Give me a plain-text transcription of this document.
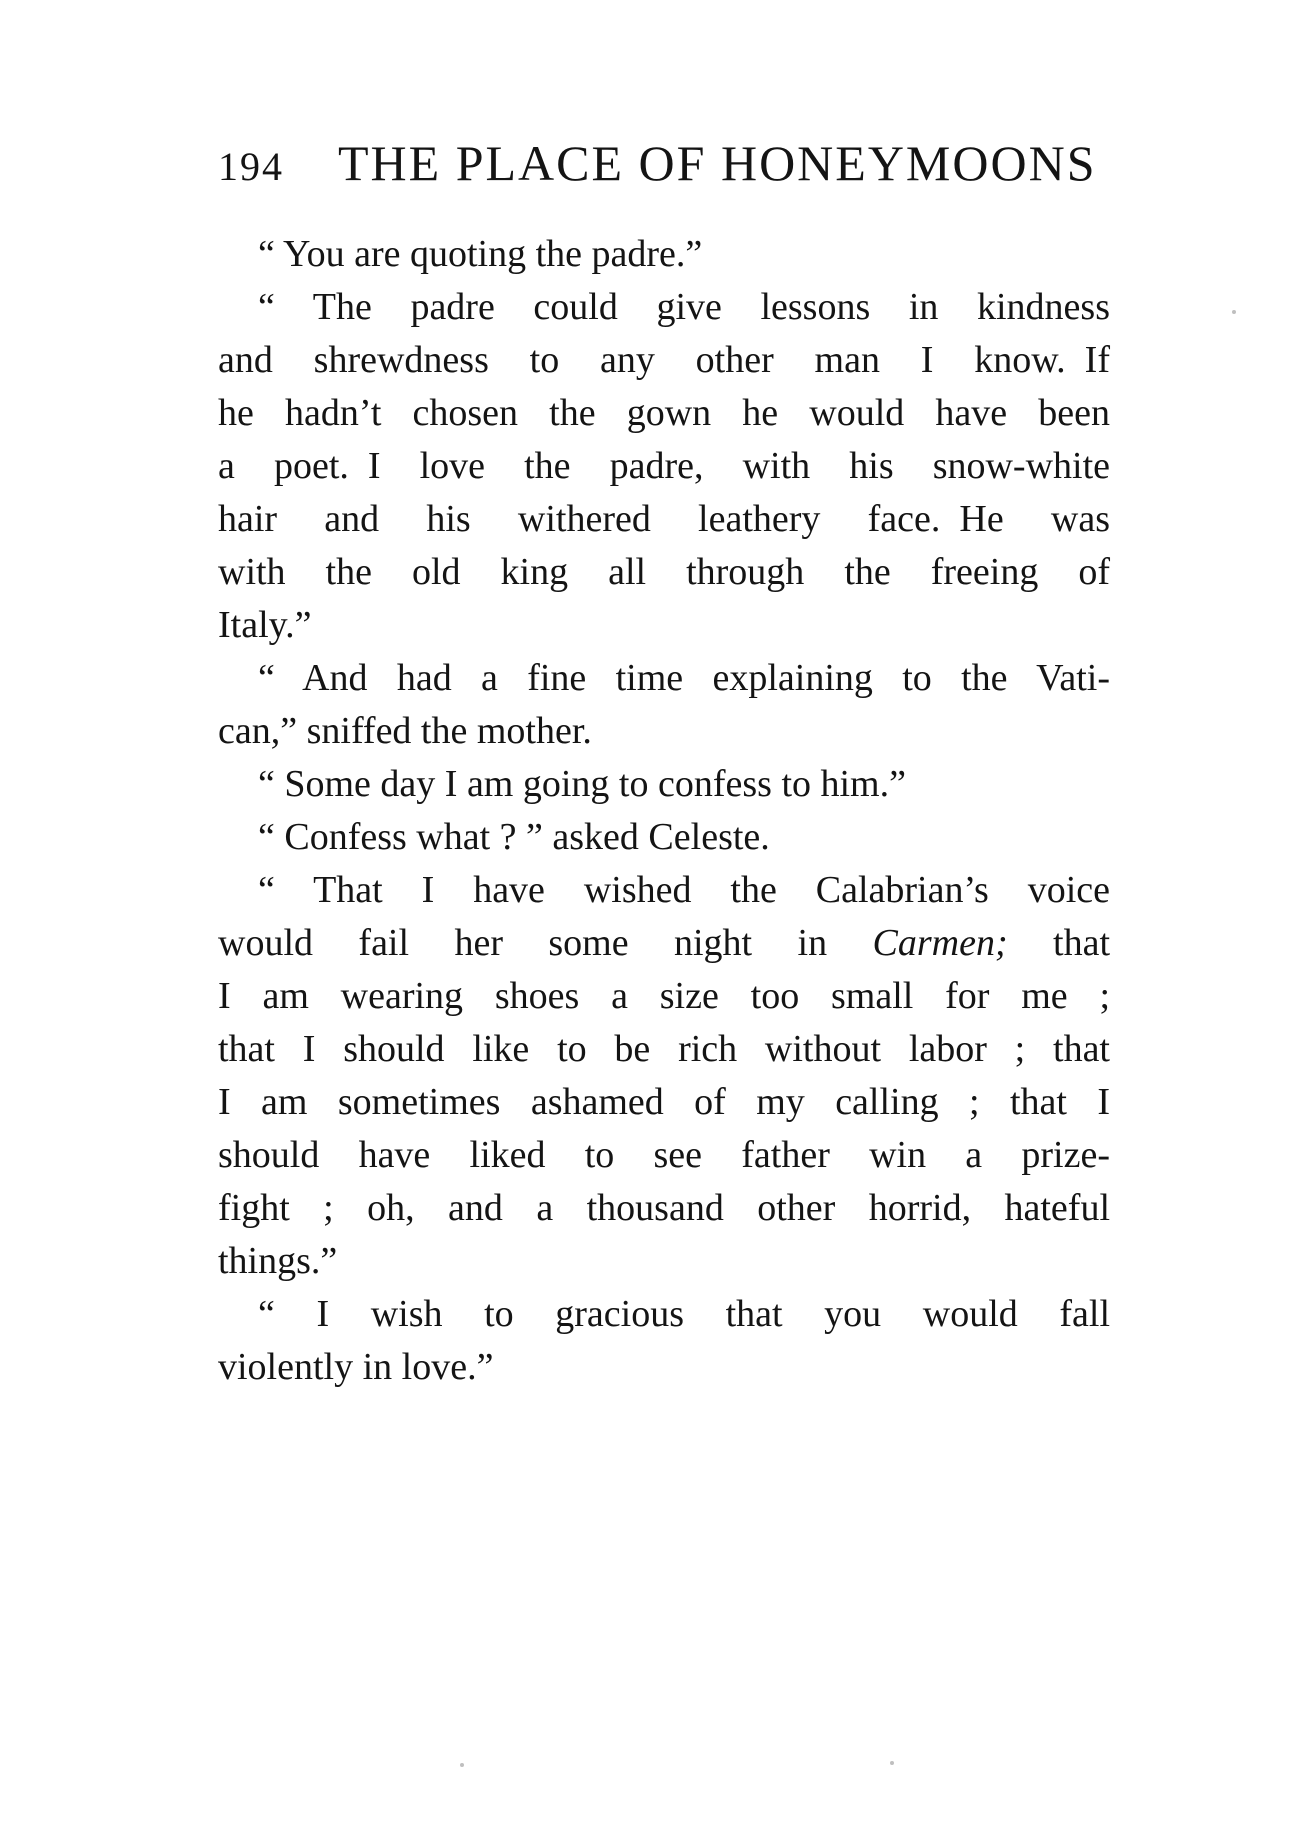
194 THE PLACE OF HONEYMOONS
“ You are quoting the padre.”
“ The padre could give lessons in kindness
and shrewdness to any other man I know. If
he hadn’t chosen the gown he would have been
a poet. I love the padre, with his snow-white
hair and his withered leathery face. He was
with the old king all through the freeing of
Italy.”
“ And had a fine time explaining to the Vati-
can,” sniffed the mother.
“ Some day I am going to confess to him.”
“ Confess what ? ” asked Celeste.
“ That I have wished the Calabrian’s voice
would fail her some night in Carmen; that
I am wearing shoes a size too small for me ;
that I should like to be rich without labor ; that
I am sometimes ashamed of my calling ; that I
should have liked to see father win a prize-
fight ; oh, and a thousand other horrid, hateful
things.”
“ I wish to gracious that you would fall
violently in love.”
